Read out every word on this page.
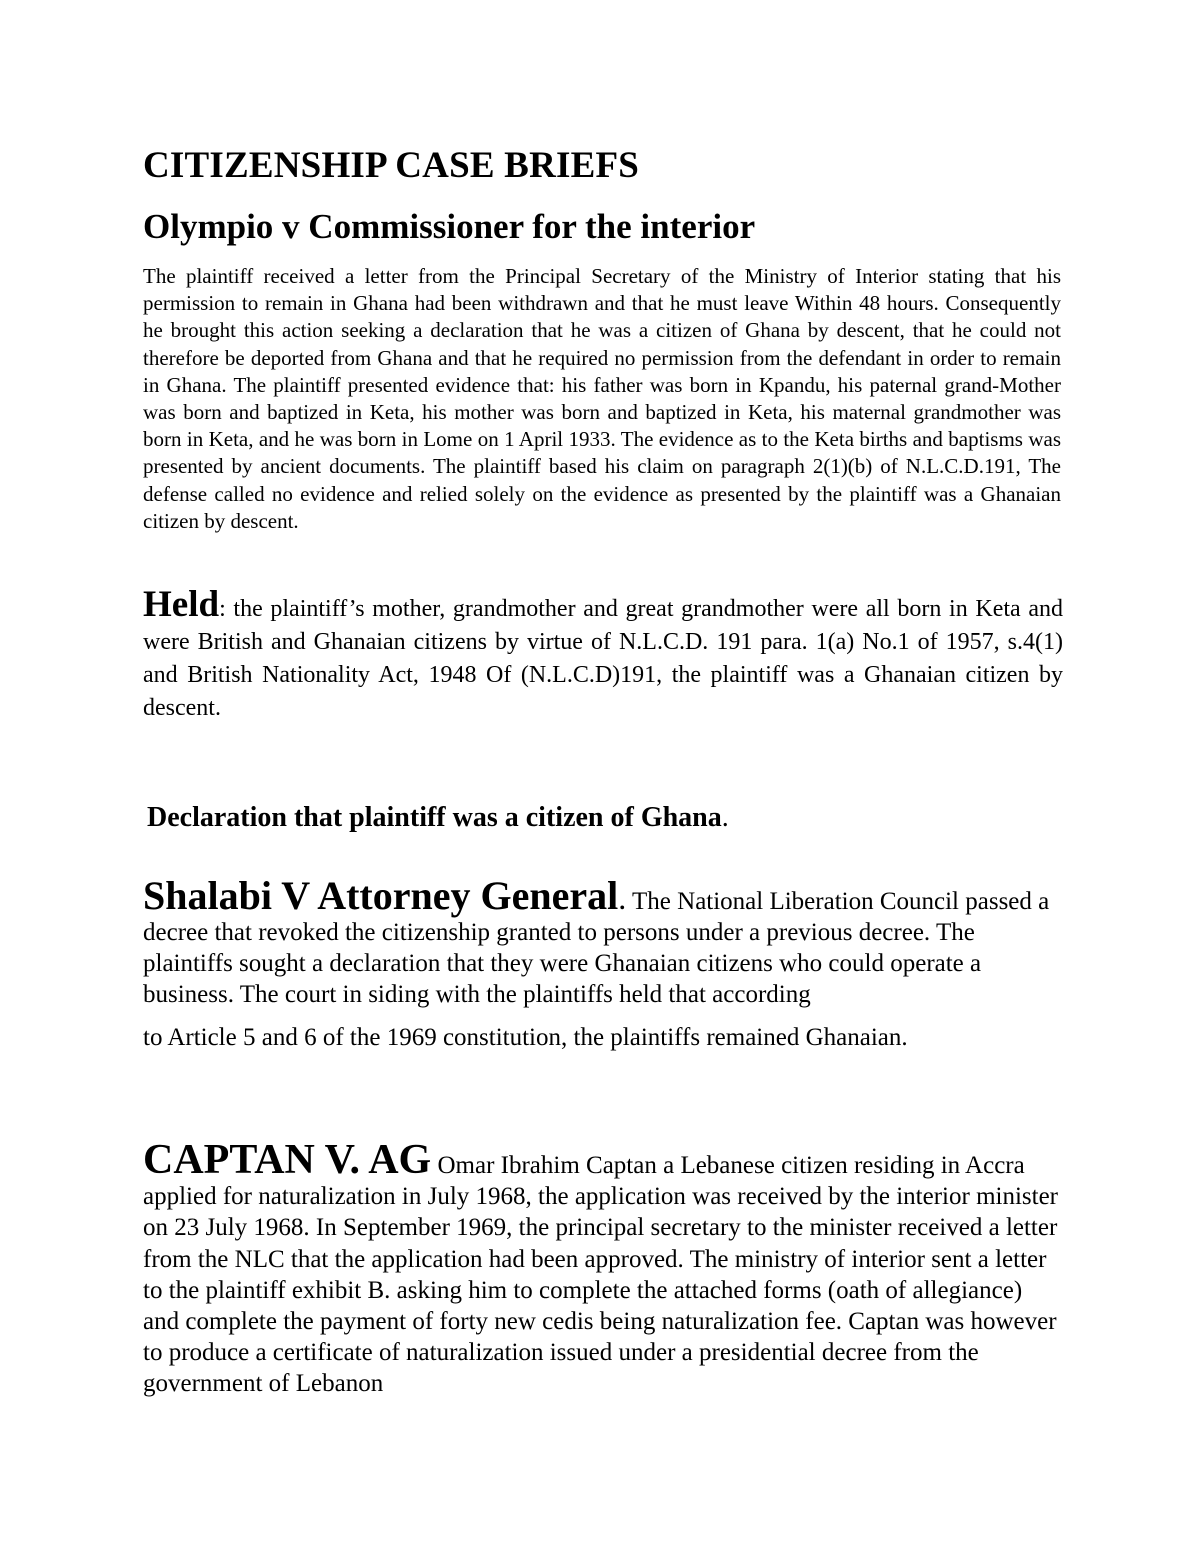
CITIZENSHIP CASE BRIEFS
Olympio v Commissioner for the interior
The plaintiff received a letter from the Principal Secretary of the Ministry of Interior stating that his permission to remain in Ghana had been withdrawn and that he must leave Within 48 hours. Consequently he brought this action seeking a declaration that he was a citizen of Ghana by descent, that he could not therefore be deported from Ghana and that he required no permission from the defendant in order to remain in Ghana. The plaintiff presented evidence that: his father was born in Kpandu, his paternal grand-Mother was born and baptized in Keta, his mother was born and baptized in Keta, his maternal grandmother was born in Keta, and he was born in Lome on 1 April 1933. The evidence as to the Keta births and baptisms was presented by ancient documents. The plaintiff based his claim on paragraph 2(1)(b) of N.L.C.D.191, The defense called no evidence and relied solely on the evidence as presented by the plaintiff was a Ghanaian citizen by descent.
Held: the plaintiff’s mother, grandmother and great grandmother were all born in Keta and were British and Ghanaian citizens by virtue of N.L.C.D. 191 para. 1(a) No.1 of 1957, s.4(1) and British Nationality Act, 1948 Of (N.L.C.D)191, the plaintiff was a Ghanaian citizen by descent.
Declaration that plaintiff was a citizen of Ghana.
Shalabi V Attorney General. The National Liberation Council passed a decree that revoked the citizenship granted to persons under a previous decree. The plaintiffs sought a declaration that they were Ghanaian citizens who could operate a business. The court in siding with the plaintiffs held that according
to Article 5 and 6 of the 1969 constitution, the plaintiffs remained Ghanaian.
CAPTAN V. AG Omar Ibrahim Captan a Lebanese citizen residing in Accra applied for naturalization in July 1968, the application was received by the interior minister on 23 July 1968. In September 1969, the principal secretary to the minister received a letter from the NLC that the application had been approved. The ministry of interior sent a letter to the plaintiff exhibit B. asking him to complete the attached forms (oath of allegiance) and complete the payment of forty new cedis being naturalization fee. Captan was however to produce a certificate of naturalization issued under a presidential decree from the government of Lebanon
